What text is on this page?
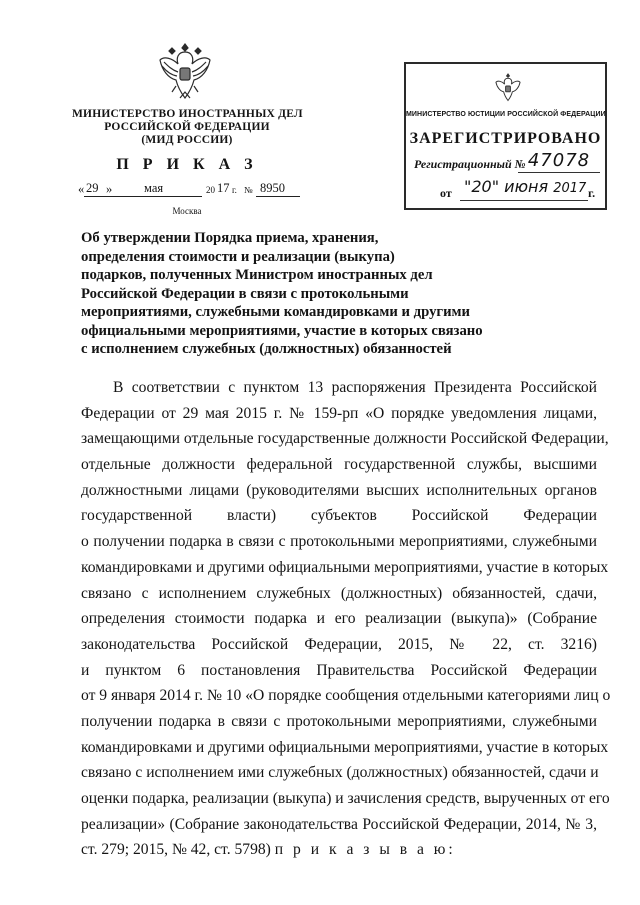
МИНИСТЕРСТВО ИНОСТРАННЫХ ДЕЛ
РОССИЙСКОЙ ФЕДЕРАЦИИ
(МИД РОССИИ)
П Р И К А З
« 29 »	мая	20 17 г. № 8950
Москва
МИНИСТЕРСТВО ЮСТИЦИИ РОССИЙСКОЙ ФЕДЕРАЦИИ
ЗАРЕГИСТРИРОВАНО
Регистрационный № 47078
от "20" июня 2017 г.
Об утверждении Порядка приема, хранения,
определения стоимости и реализации (выкупа)
подарков, полученных Министром иностранных дел
Российской Федерации в связи с протокольными
мероприятиями, служебными командировками и другими
официальными мероприятиями, участие в которых связано
с исполнением служебных (должностных) обязанностей
В соответствии с пунктом 13 распоряжения Президента Российской
Федерации от 29 мая 2015 г. № 159-рп «О порядке уведомления лицами,
замещающими отдельные государственные должности Российской Федерации,
отдельные должности федеральной государственной службы, высшими
должностными лицами (руководителями высших исполнительных органов
государственной власти) субъектов Российской Федерации
о получении подарка в связи с протокольными мероприятиями, служебными
командировками и другими официальными мероприятиями, участие в которых
связано с исполнением служебных (должностных) обязанностей, сдачи,
определения стоимости подарка и его реализации (выкупа)» (Собрание
законодательства Российской Федерации, 2015, № 22, ст. 3216)
и пунктом 6 постановления Правительства Российской Федерации
от 9 января 2014 г. № 10 «О порядке сообщения отдельными категориями лиц о
получении подарка в связи с протокольными мероприятиями, служебными
командировками и другими официальными мероприятиями, участие в которых
связано с исполнением ими служебных (должностных) обязанностей, сдачи и
оценки подарка, реализации (выкупа) и зачисления средств, вырученных от его
реализации» (Собрание законодательства Российской Федерации, 2014, № 3,
ст. 279; 2015, № 42, ст. 5798) п р и к а з ы в а ю:
